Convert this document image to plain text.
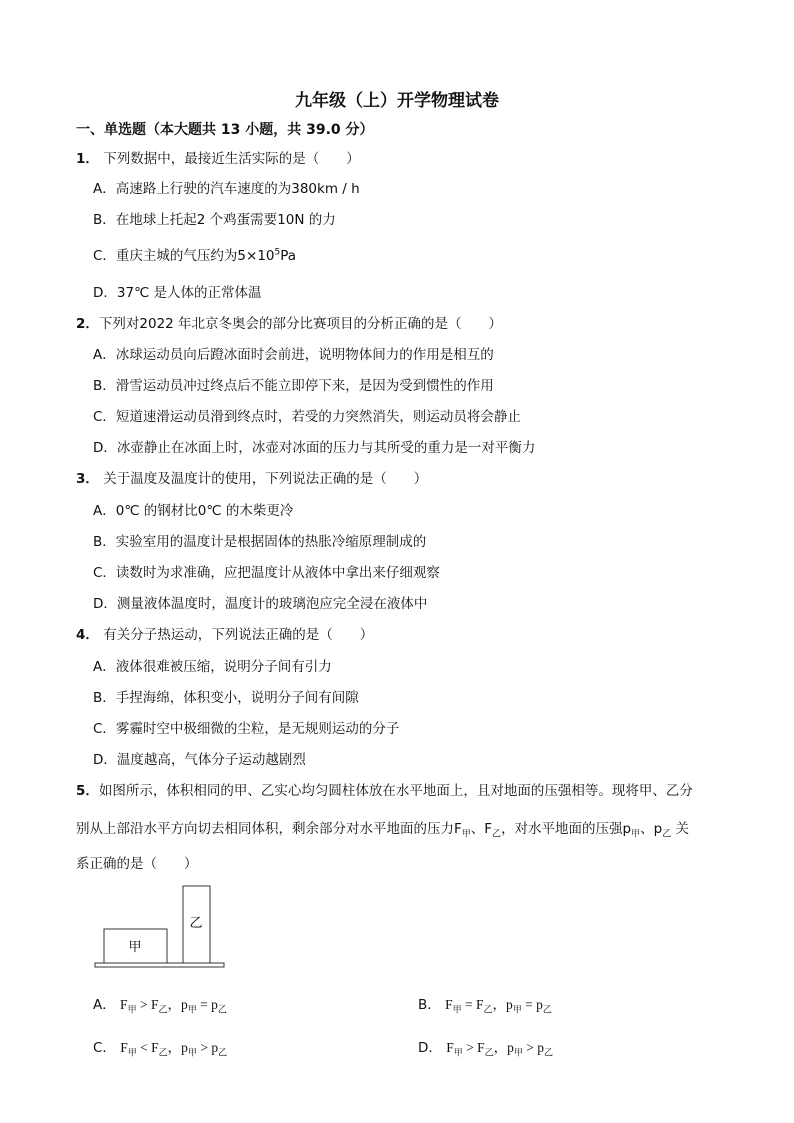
九年级（上）开学物理试卷
一、单选题（本大题共 13 小题，共 39.0 分）
1． 下列数据中，最接近生活实际的是（　　）
A．高速路上行驶的汽车速度的为380km / h
B．在地球上托起2 个鸡蛋需要10N 的力
C．重庆主城的气压约为$5\times 10^5Pa$
D．37℃ 是人体的正常体温
2．下列对2022 年北京冬奥会的部分比赛项目的分析正确的是（　　）
A．冰球运动员向后蹬冰面时会前进，说明物体间力的作用是相互的
B．滑雪运动员冲过终点后不能立即停下来，是因为受到惯性的作用
C．短道速滑运动员滑到终点时，若受的力突然消失，则运动员将会静止
D．冰壶静止在冰面上时，冰壶对冰面的压力与其所受的重力是一对平衡力
3． 关于温度及温度计的使用，下列说法正确的是（　　）
A．0℃ 的钢材比0℃ 的木柴更冷
B．实验室用的温度计是根据固体的热胀冷缩原理制成的
C．读数时为求准确，应把温度计从液体中拿出来仔细观察
D．测量液体温度时，温度计的玻璃泡应完全浸在液体中
4． 有关分子热运动，下列说法正确的是（　　）
A．液体很难被压缩，说明分子间有引力
B．手捏海绵，体积变小，说明分子间有间隙
C．雾霾时空中极细微的尘粒，是无规则运动的分子
D．温度越高，气体分子运动越剧烈
5．如图所示，体积相同的甲、乙实心均匀圆柱体放在水平地面上，且对地面的压强相等。现将甲、乙分
别从上部沿水平方向切去相同体积，剩余部分对水平地面的压力$F_甲$、$F_乙$，对水平地面的压强$p_甲$、$p_乙$ 关
系正确的是（　　）
甲
乙
A． $F_甲 > F_乙$，$p_甲 = p_乙$	B． $F_甲 = F_乙$，$p_甲 = p_乙$
C． $F_甲 < F_乙$，$p_甲 > p_乙$	D． $F_甲 > F_乙$，$p_甲 > p_乙$
